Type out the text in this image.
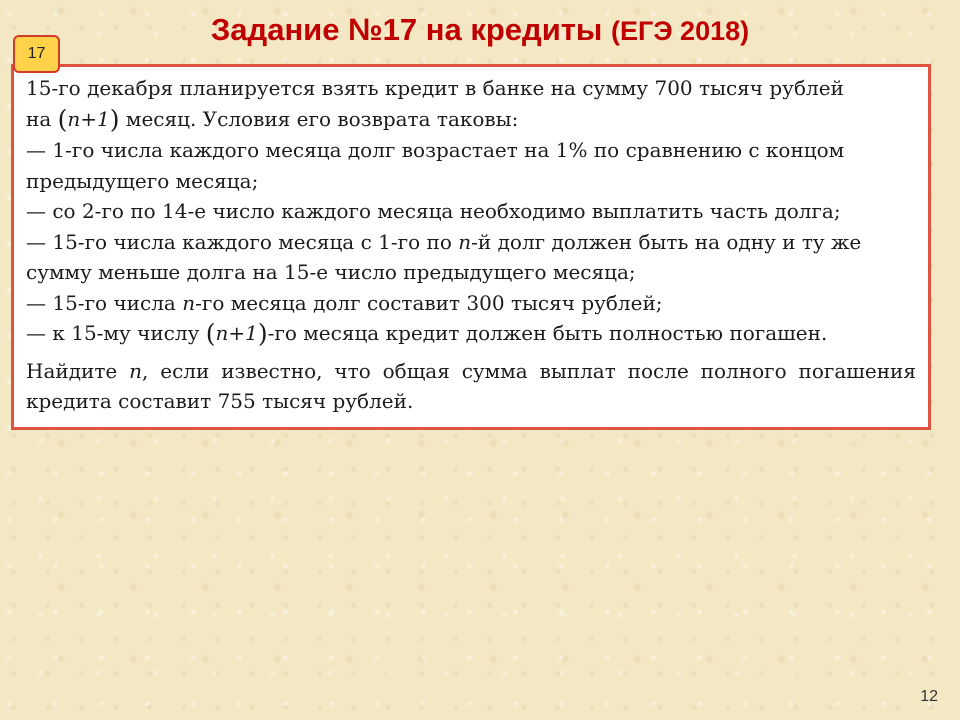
Задание №17 на кредиты (ЕГЭ 2018)
17

15-го декабря планируется взять кредит в банке на сумму 700 тысяч рублей

на (n+1) месяц. Условия его возврата таковы:

— 1-го числа каждого месяца долг возрастает на 1% по сравнению с концом предыдущего месяца;

— со 2-го по 14-е число каждого месяца необходимо выплатить часть долга;

— 15-го числа каждого месяца с 1-го по n-й долг должен быть на одну и ту же сумму меньше долга на 15-е число предыдущего месяца;

— 15-го числа n-го месяца долг составит 300 тысяч рублей;

— к 15-му числу (n+1)-го месяца кредит должен быть полностью погашен.

Найдите n, если известно, что общая сумма выплат после полного погашения кредита составит 755 тысяч рублей.

12
